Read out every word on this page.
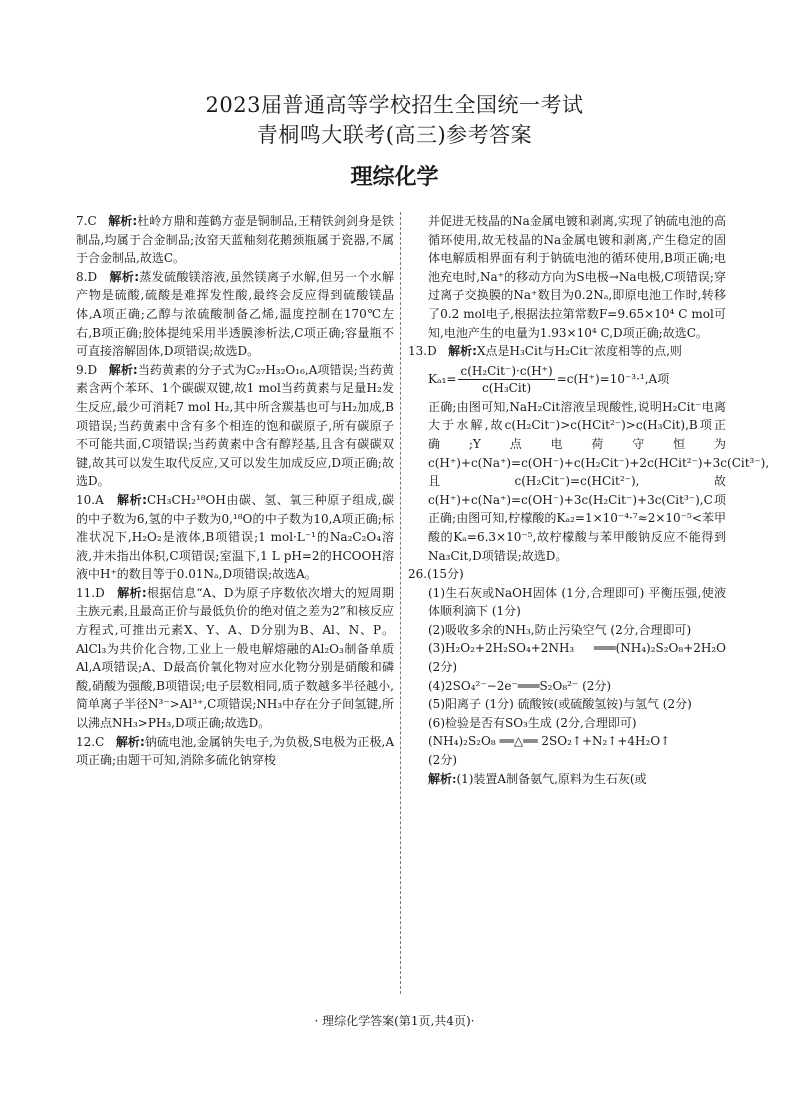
2023届普通高等学校招生全国统一考试
青桐鸣大联考(高三)参考答案
理综化学

7.C 解析:杜岭方鼎和莲鹤方壶是铜制品,王精铁剑剑身是铁制品,均属于合金制品;汝窑天蓝釉刻花鹅颈瓶属于瓷器,不属于合金制品,故选C。

8.D 解析:蒸发硫酸镁溶液,虽然镁离子水解,但另一个水解产物是硫酸,硫酸是难挥发性酸,最终会反应得到硫酸镁晶体,A项正确;乙醇与浓硫酸制备乙烯,温度控制在170℃左右,B项正确;胶体提纯采用半透膜渗析法,C项正确;容量瓶不可直接溶解固体,D项错误;故选D。

9.D 解析:当药黄素的分子式为C₂₇H₃₂O₁₆,A项错误;当药黄素含两个苯环、1个碳碳双键,故1 mol当药黄素与足量H₂发生反应,最少可消耗7 mol H₂,其中所含羰基也可与H₂加成,B项错误;当药黄素中含有多个相连的饱和碳原子,所有碳原子不可能共面,C项错误;当药黄素中含有醇羟基,且含有碳碳双键,故其可以发生取代反应,又可以发生加成反应,D项正确;故选D。

10.A 解析:CH₃CH₂¹⁸OH由碳、氢、氧三种原子组成,碳的中子数为6,氢的中子数为0,¹⁸O的中子数为10,A项正确;标准状况下,H₂O₂是液体,B项错误;1 mol·L⁻¹的Na₂C₂O₄溶液,并未指出体积,C项错误;室温下,1 L pH=2的HCOOH溶液中H⁺的数目等于0.01Nₐ,D项错误;故选A。

11.D 解析:根据信息“A、D为原子序数依次增大的短周期主族元素,且最高正价与最低负价的绝对值之差为2”和核反应方程式,可推出元素X、Y、A、D分别为B、Al、N、P。AlCl₃为共价化合物,工业上一般电解熔融的Al₂O₃制备单质Al,A项错误;A、D最高价氧化物对应水化物分别是硝酸和磷酸,硝酸为强酸,B项错误;电子层数相同,质子数越多半径越小,简单离子半径N³⁻>Al³⁺,C项错误;NH₃中存在分子间氢键,所以沸点NH₃>PH₃,D项正确;故选D。

12.C 解析:钠硫电池,金属钠失电子,为负极,S电极为正极,A项正确;由题干可知,消除多硫化钠穿梭

并促进无枝晶的Na金属电镀和剥离,实现了钠硫电池的高循环使用,故无枝晶的Na金属电镀和剥离,产生稳定的固体电解质相界面有利于钠硫电池的循环使用,B项正确;电池充电时,Na⁺的移动方向为S电极→Na电极,C项错误;穿过离子交换膜的Na⁺数目为0.2Nₐ,即原电池工作时,转移了0.2 mol电子,根据法拉第常数F=9.65×10⁴ C mol可知,电池产生的电量为1.93×10⁴ C,D项正确;故选C。

13.D 解析:X点是H₃Cit与H₂Cit⁻浓度相等的点,则

$K_{a1}= \frac{\text{c(H₂Cit⁻)·c(H⁺)}}{\text{c(H₃Cit)}} =c(H^+)=10^{-3}\cdot^1,A$项

正确;由图可知,NaH₂Cit溶液呈现酸性,说明H₂Cit⁻电离大于水解,故c(H₂Cit⁻)>c(HCit²⁻)>c(H₃Cit),B项正确;Y点电荷守恒为c(H⁺)+c(Na⁺)=c(OH⁻)+c(H₂Cit⁻)+2c(HCit²⁻)+3c(Cit³⁻),且c(H₂Cit⁻)=c(HCit²⁻),故c(H⁺)+c(Na⁺)=c(OH⁻)+3c(H₂Cit⁻)+3c(Cit³⁻),C项正确;由图可知,柠檬酸的Kₐ₂=1×10⁻⁴·⁷≈2×10⁻⁵<苯甲酸的Kₐ=6.3×10⁻⁵,故柠檬酸与苯甲酸钠反应不能得到Na₃Cit,D项错误;故选D。

26.(15分)

(1)生石灰或NaOH固体 (1分,合理即可) 平衡压强,使液体顺利滴下 (1分)

(2)吸收多余的NH₃,防止污染空气 (2分,合理即可)

(3)H₂O₂+2H₂SO₄+2NH₃ ═══(NH₄)₂S₂O₈+2H₂O (2分)

(4)2SO₄²⁻−2e⁻═══S₂O₈²⁻ (2分)

(5)阳离子 (1分) 硫酸铵(或硫酸氢铵)与氢气 (2分)

(6)检验是否有SO₃生成 (2分,合理即可)

(NH₄)₂S₂O₈ ══△══ 2SO₂↑+N₂↑+4H₂O↑

(2分)

解析:(1)装置A制备氨气,原料为生石灰(或

· 理综化学答案(第1页,共4页)·
